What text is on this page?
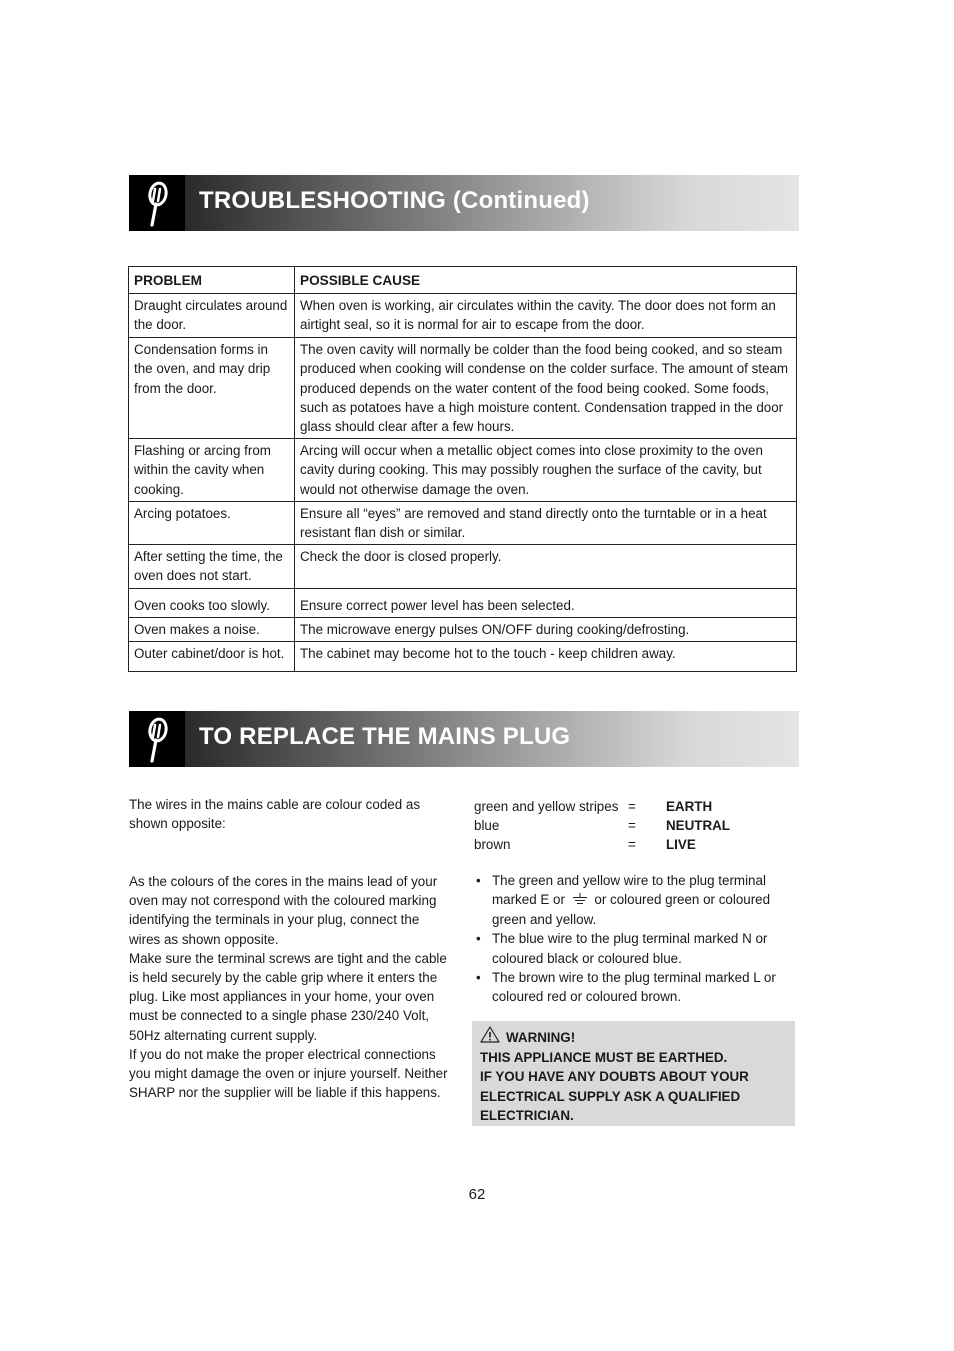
TROUBLESHOOTING (Continued)
PROBLEM	POSSIBLE CAUSE
Draught circulates around the door.	When oven is working, air circulates within the cavity. The door does not form an airtight seal, so it is normal for air to escape from the door.
Condensation forms in the oven, and may drip from the door.	The oven cavity will normally be colder than the food being cooked, and so steam produced when cooking will condense on the colder surface. The amount of steam produced depends on the water content of the food being cooked. Some foods, such as potatoes have a high moisture content. Condensation trapped in the door glass should clear after a few hours.
Flashing or arcing from within the cavity when cooking.	Arcing will occur when a metallic object comes into close proximity to the oven cavity during cooking. This may possibly roughen the surface of the cavity, but would not otherwise damage the oven.
Arcing potatoes.	Ensure all “eyes” are removed and stand directly onto the turntable or in a heat resistant flan dish or similar.
After setting the time, the oven does not start.	Check the door is closed properly.
Oven cooks too slowly.	Ensure correct power level has been selected.
Oven makes a noise.	The microwave energy pulses ON/OFF during cooking/defrosting.
Outer cabinet/door is hot.	The cabinet may become hot to the touch - keep children away.
TO REPLACE THE MAINS PLUG
The wires in the mains cable are colour coded as shown opposite:
As the colours of the cores in the mains lead of your oven may not correspond with the coloured marking identifying the terminals in your plug, connect the wires as shown opposite.
Make sure the terminal screws are tight and the cable is held securely by the cable grip where it enters the plug. Like most appliances in your home, your oven must be connected to a single phase 230/240 Volt, 50Hz alternating current supply.
If you do not make the proper electrical connections you might damage the oven or injure yourself. Neither SHARP nor the supplier will be liable if this happens.
green and yellow stripes = EARTH
blue	= NEUTRAL
brown	= LIVE
• The green and yellow wire to the plug terminal marked E or or coloured green or coloured green and yellow.
• The blue wire to the plug terminal marked N or coloured black or coloured blue.
• The brown wire to the plug terminal marked L or coloured red or coloured brown.
WARNING!
THIS APPLIANCE MUST BE EARTHED.
IF YOU HAVE ANY DOUBTS ABOUT YOUR ELECTRICAL SUPPLY ASK A QUALIFIED ELECTRICIAN.
62
